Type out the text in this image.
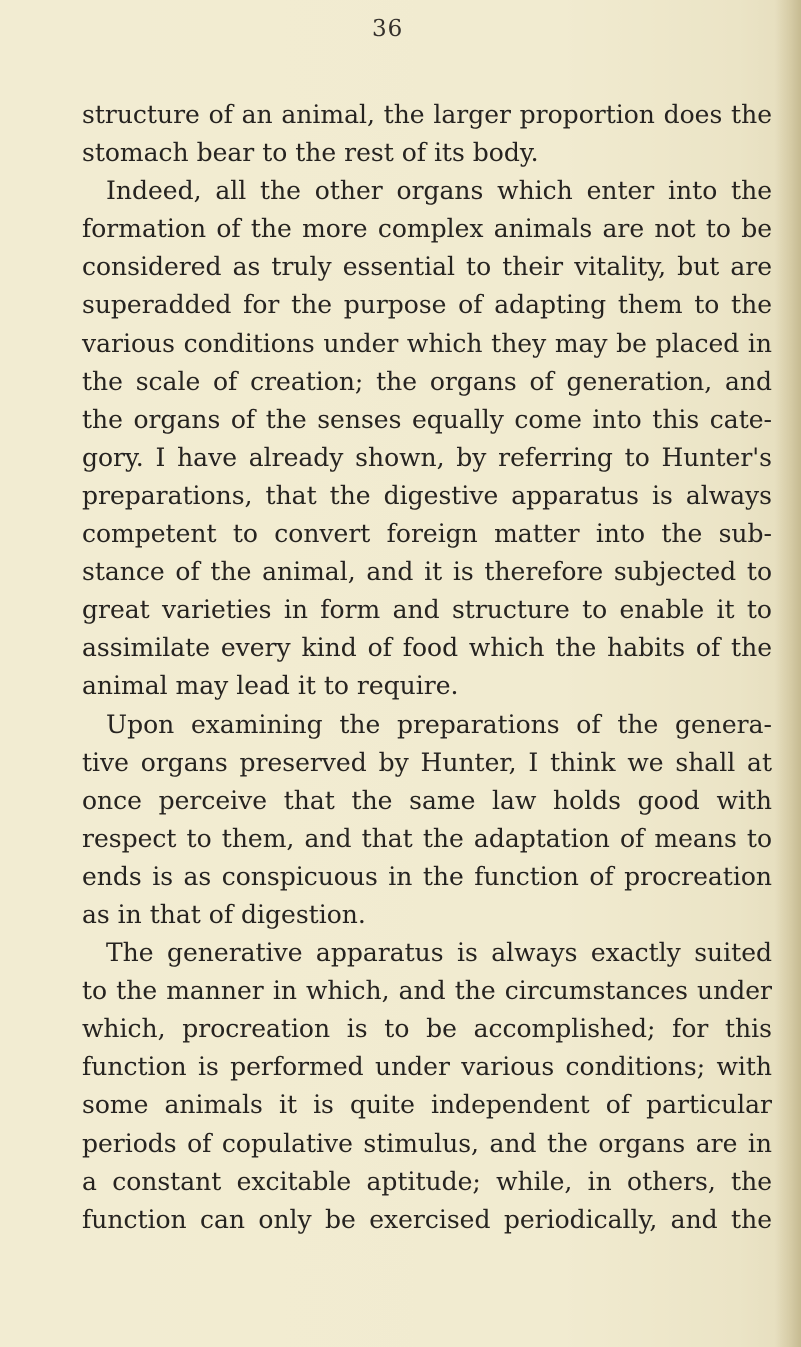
36
structure of an animal, the larger proportion does the
stomach bear to the rest of its body.
Indeed, all the other organs which enter into the
formation of the more complex animals are not to be
considered as truly essential to their vitality, but are
superadded for the purpose of adapting them to the
various conditions under which they may be placed in
the scale of creation; the organs of generation, and
the organs of the senses equally come into this cate-
gory. I have already shown, by referring to Hunter's
preparations, that the digestive apparatus is always
competent to convert foreign matter into the sub-
stance of the animal, and it is therefore subjected to
great varieties in form and structure to enable it to
assimilate every kind of food which the habits of the
animal may lead it to require.
Upon examining the preparations of the genera-
tive organs preserved by Hunter, I think we shall at
once perceive that the same law holds good with
respect to them, and that the adaptation of means to
ends is as conspicuous in the function of procreation
as in that of digestion.
The generative apparatus is always exactly suited
to the manner in which, and the circumstances under
which, procreation is to be accomplished; for this
function is performed under various conditions; with
some animals it is quite independent of particular
periods of copulative stimulus, and the organs are in
a constant excitable aptitude; while, in others, the
function can only be exercised periodically, and the
